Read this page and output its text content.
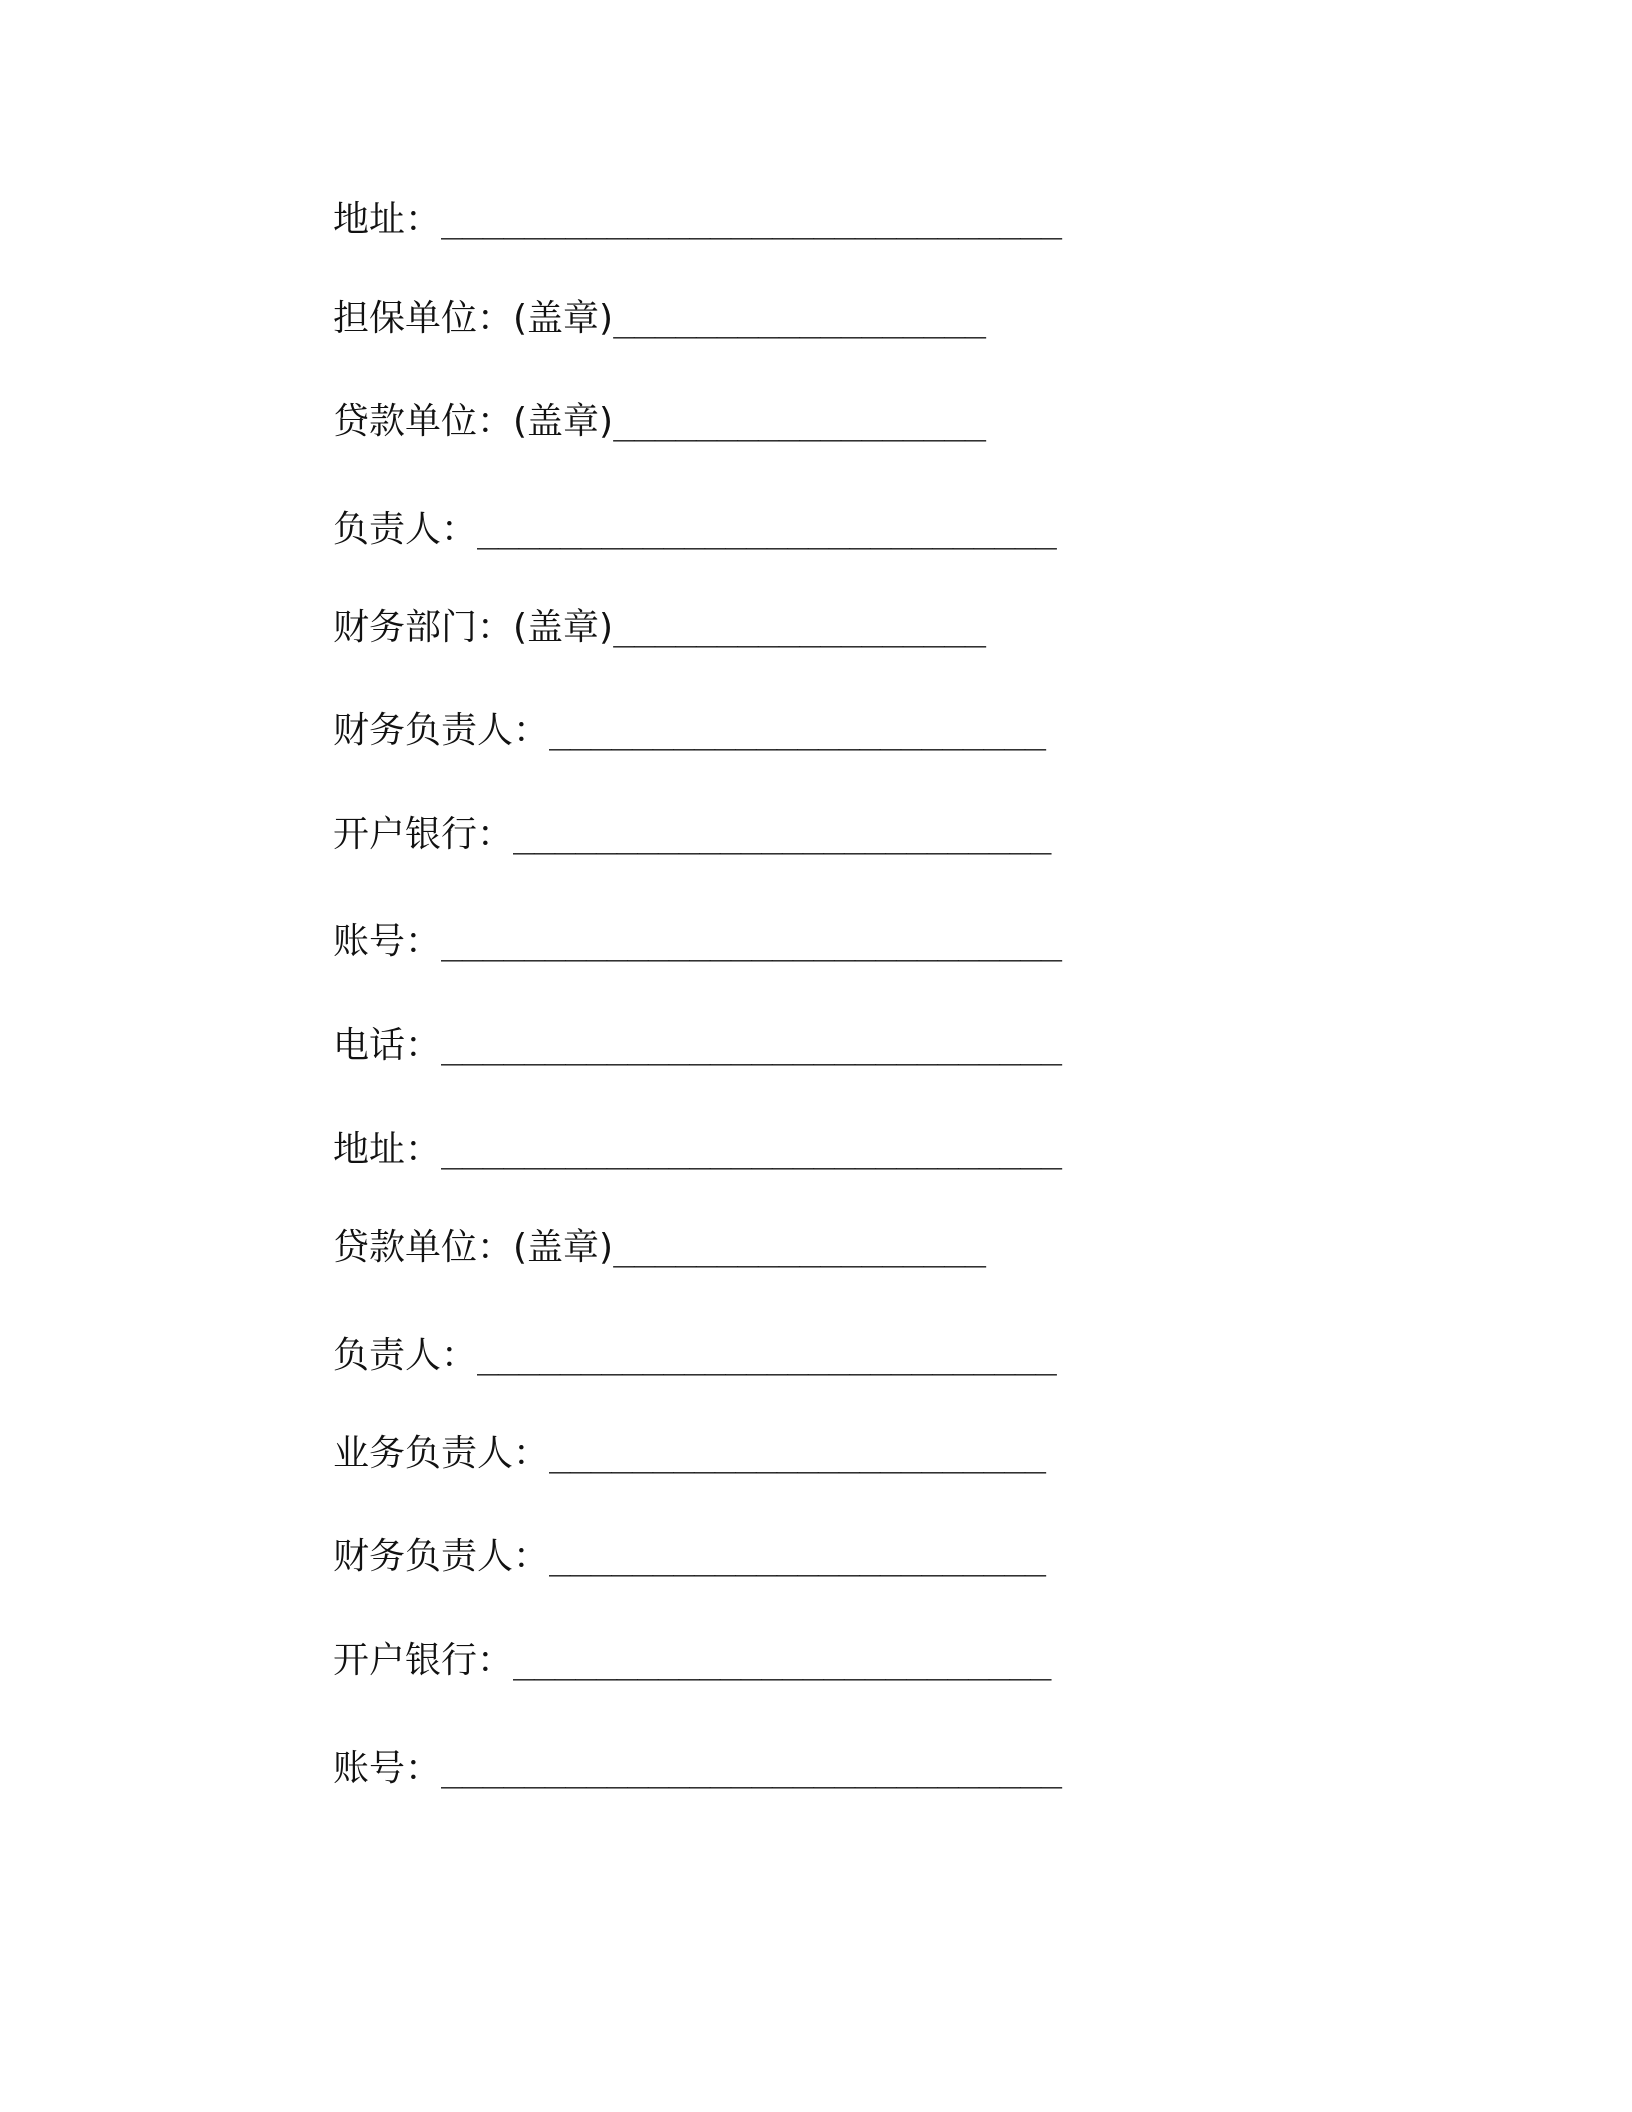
地址：______________________________
担保单位：(盖章)__________________
贷款单位：(盖章)__________________
负责人：____________________________
财务部门：(盖章)__________________
财务负责人：________________________
开户银行：__________________________
账号：______________________________
电话：______________________________
地址：______________________________
贷款单位：(盖章)__________________
负责人：____________________________
业务负责人：________________________
财务负责人：________________________
开户银行：__________________________
账号：______________________________
